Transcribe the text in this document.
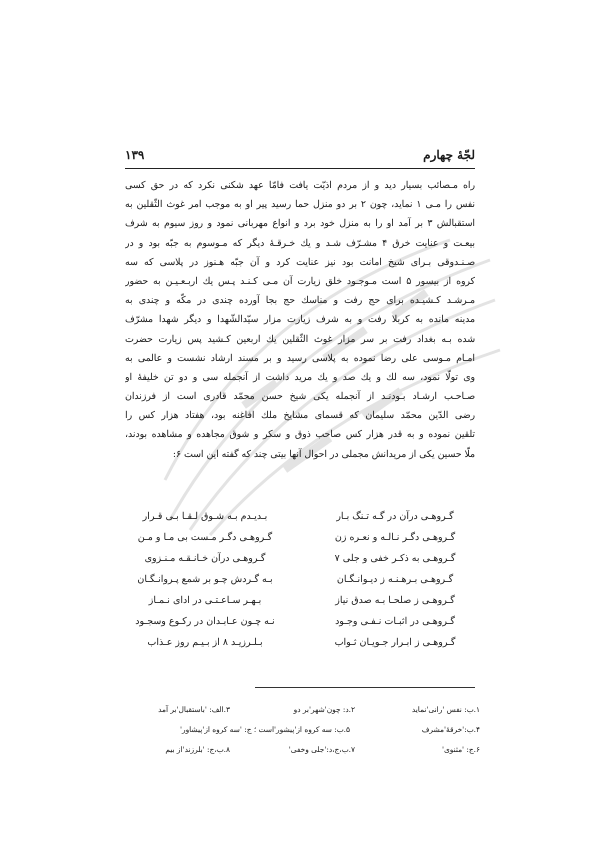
لجّهٔ چهارم
۱۳۹
راه مـصائب بسیار دید و از مردم اذیّت یافت فامّا عهد شکنی نکرد که در حق کسی
نفس را مـی ۱ نماید، چون ۲ بر دو منزل حما رسید پیر او به موجب امر غوث الثّقلین به
استقبالش ۳ بر آمد او را به منزل خود برد و انواع مهربانی نمود و روز سیوم به شرف
بیعـت و عنایت خرق ۴ مشـرّف شـد و یك خـرقـهٔ دیگر که مـوسوم به جبّه بود و در
صـنـدوقی بـرای شیخ امانت بود نیز عنایت کرد و آن جبّه هـنوز در پلاسی که سه
کروه از بیسور ۵ است مـوجـود خلق زیارت آن مـی کـنـد پـس یك اربـعـیـن به حضور
مـرشـد کـشیـده برای حج رفت و مناسك حج بجا آورده چندی در مکّه و چندی به
مدینه مانده به کربلا رفت و به شرف زیارت مزار سیّدالشّهدا و دیگر شهدا مشرّف
شده بـه بغداد رفت بر سر مزار غوث الثّقلین یك اربعین کـشید پس زیارت حضرت
امـام مـوسی علی رضا نموده به پلاسی رسید و بر مسند ارشاد نشست و عالمی به
وی تولّا نمود، سه لك و یك صد و یك مرید داشت از آنجمله سی و دو تن خلیفهٔ او
صـاحـب ارشـاد بـودنـد از آنجمله یکی شیخ حسن محمّد قادری است از فرزندان
رضی الدّین محمّد سلیمان که قسمای مشایخ ملك افاغنه بود، هفتاد هزار کس را
تلقین نموده و به قدر هزار کس صاحب ذوق و سکر و شوق مجاهده و مشاهده بودند،
ملّا حسین یکی از مریدانش مجملی در احوال آنها بیتی چند که گفته این است ۶:
گـروهـی درآن در گـه تـنگ بـار
بـدیـدم بـه شـوق لـقـا بـی قـرار
گـروهـی دگـر نـالـه و نعـره زن
گـروهـی دگـر مـست بی مـا و مـن
گـروهـی به ذکـر خفی و جلی ۷
گـروهـی درآن خـانـقـه مـنـزوی
گـروهـی بـرهـنـه ز دیـوانـگـان
بـه گـردش چـو بر شمع پـروانـگـان
گـروهـی ز صلحـا بـه صدق نیاز
بـهـر سـاعـتـی در ادای نـمـاز
گـروهـی در اثبـات نـفـی وجـود
نـه چـون عـابـدان در رکـوع وسجـود
گـروهـی ز ابـرار جـویـان ثـواب
بـلـرزیـد ۸ از بـیـم روز عـذاب
۱.ب: نفس 'رانی'نماید
۲.د: چون'شهر'بر دو
۳.الف: 'باستقبال'بر آمد
۴.ب:'خرقهٔ'مشرف
۵.ب: سه کروه از'پیشور'است ؛ ج: 'سه کروه از'پیشاور'
۶.ج: 'مثنوی'
۷.ب،ج،د:'جلی وخفی'
۸.ب،ج: 'بلرزند'از بیم
